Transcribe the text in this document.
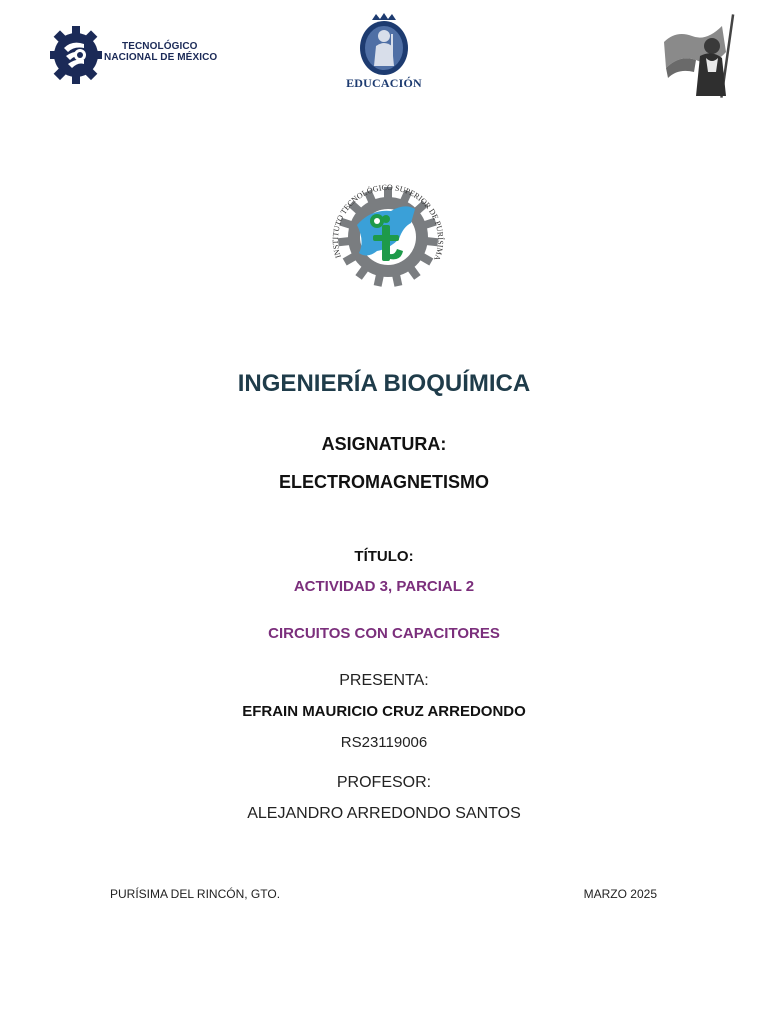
TECNOLÓGICO
NACIONAL DE MÉXICO
EDUCACIÓN
INSTITUTO TECNOLÓGICO SUPERIOR DE PURÍSIMA
INGENIERÍA BIOQUÍMICA
ASIGNATURA:
ELECTROMAGNETISMO
TÍTULO:
ACTIVIDAD 3, PARCIAL 2
CIRCUITOS CON CAPACITORES
PRESENTA:
EFRAIN MAURICIO CRUZ ARREDONDO
RS23119006
PROFESOR:
ALEJANDRO ARREDONDO SANTOS
PURÍSIMA DEL RINCÓN, GTO.	MARZO 2025
